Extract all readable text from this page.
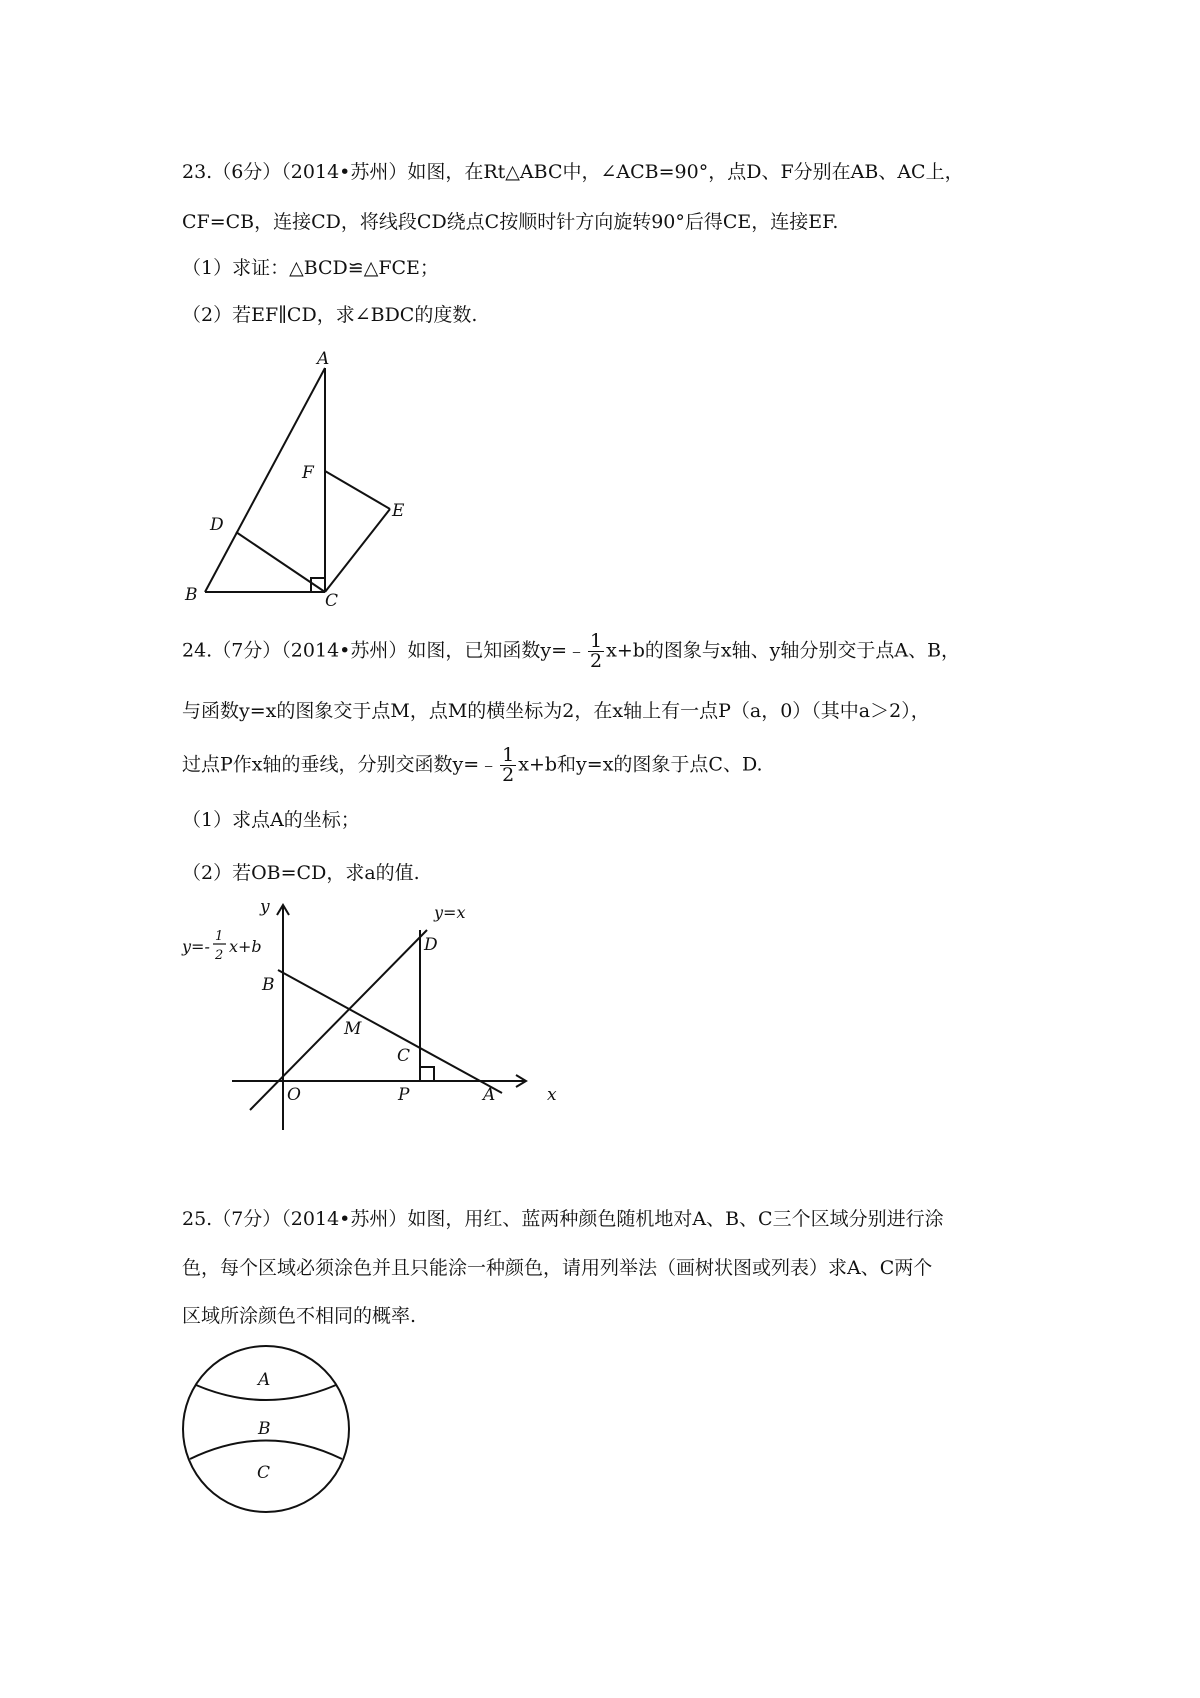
23.（6分）（2014•苏州）如图，在Rt△ABC中，∠ACB=90°，点D、F分别在AB、AC上，
CF=CB，连接CD，将线段CD绕点C按顺时针方向旋转90°后得CE，连接EF.
（1）求证：△BCD≌△FCE；
（2）若EF∥CD，求∠BDC的度数.
A
F
E
D
B	C
24.（7分）（2014•苏州）如图，已知函数y=﹣ $\frac{1}{2} x+b$的图象与x轴、y轴分别交于点A、B，
与函数y=x的图象交于点M，点M的横坐标为2，在x轴上有一点P（a，0）（其中a＞2），
过点P作x轴的垂线，分别交函数y=﹣ $\frac{1}{2} x+b$和y=x的图象于点C、D.
（1）求点A的坐标；
（2）若OB=CD，求a的值.
y
x
y=x
y=-
1
2 x+b
B
D
M
C
O	P	A
25.（7分）（2014•苏州）如图，用红、蓝两种颜色随机地对A、B、C三个区域分别进行涂
色，每个区域必须涂色并且只能涂一种颜色，请用列举法（画树状图或列表）求A、C两个
区域所涂颜色不相同的概率.
A
B
C
